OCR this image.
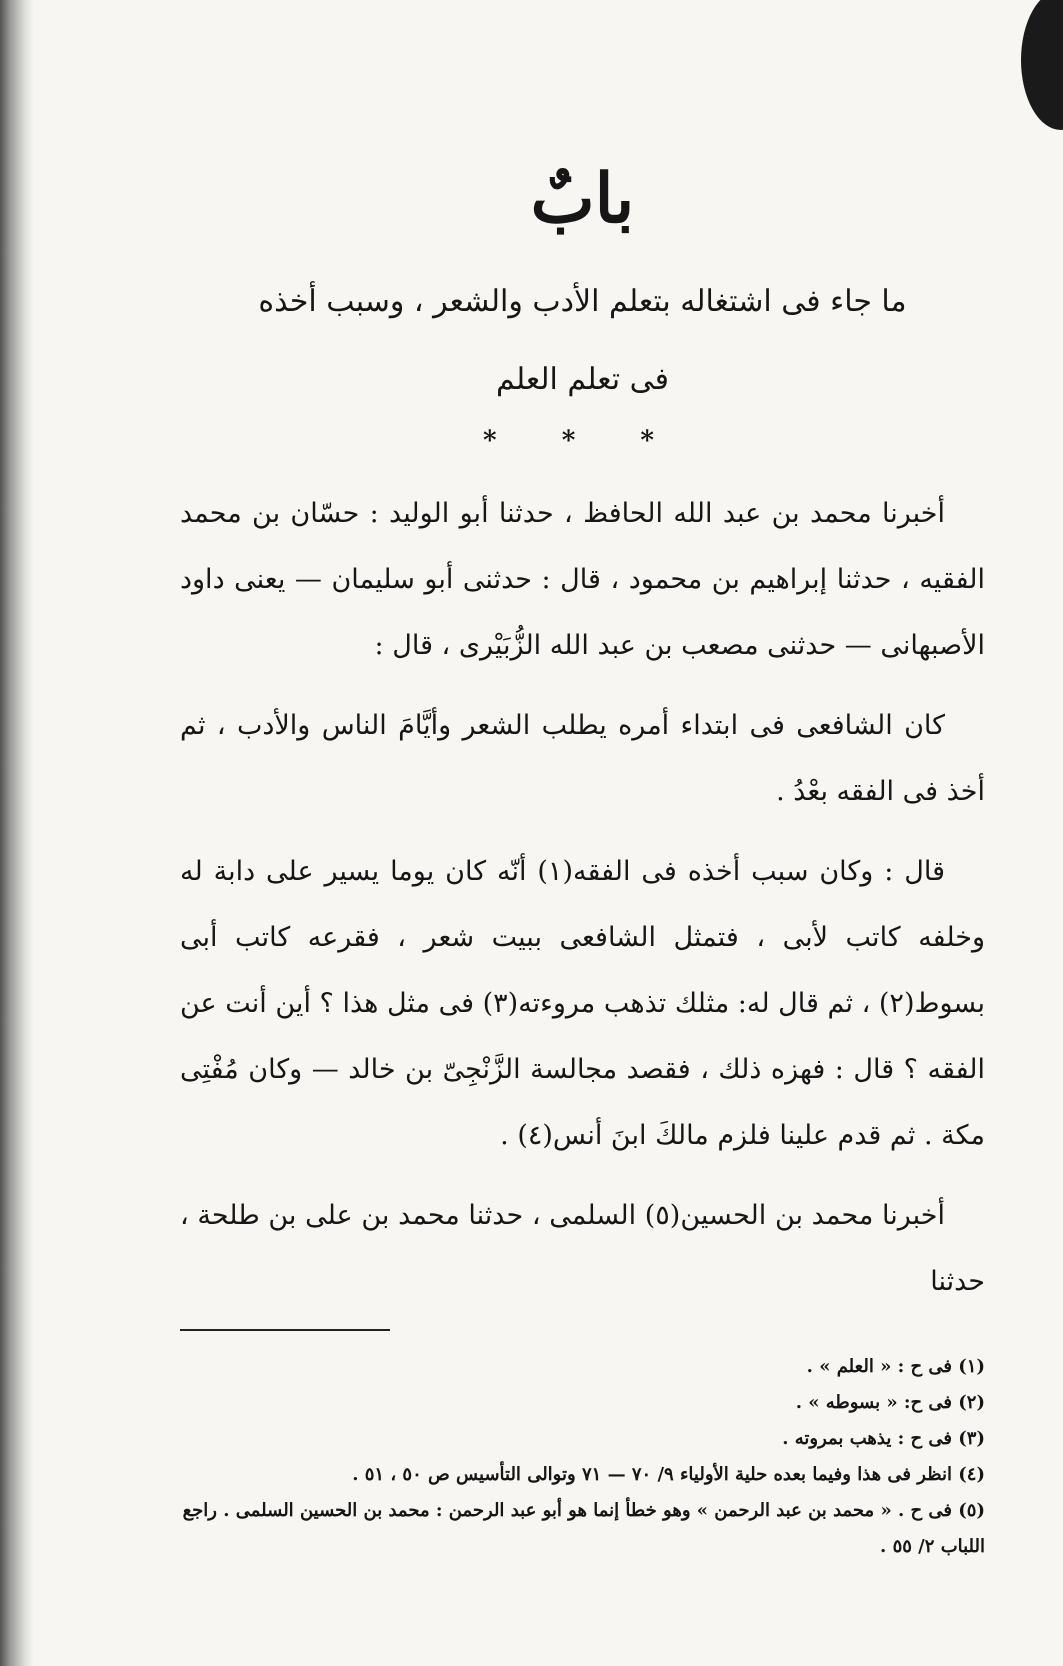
بابٌ

ما جاء فى اشتغاله بتعلم الأدب والشعر ، وسبب أخذه

فى تعلم العلم

* * *

أخبرنا محمد بن عبد الله الحافظ ، حدثنا أبو الوليد : حسّان بن محمد الفقيه ، حدثنا إبراهيم بن محمود ، قال : حدثنى أبو سليمان — يعنى داود الأصبهانى — حدثنى مصعب بن عبد الله الزُّبَيْرى ، قال :

كان الشافعى فى ابتداء أمره يطلب الشعر وأيَّامَ الناس والأدب ، ثم أخذ فى الفقه بعْدُ .

قال : وكان سبب أخذه فى الفقه(١) أنّه كان يوما يسير على دابة له وخلفه كاتب لأبى ، فتمثل الشافعى ببيت شعر ، فقرعه كاتب أبى بسوط(٢) ، ثم قال له: مثلك تذهب مروءته(٣) فى مثل هذا ؟ أين أنت عن الفقه ؟ قال : فهزه ذلك ، فقصد مجالسة الزَّنْجِىّ بن خالد — وكان مُفْتِى مكة . ثم قدم علينا فلزم مالكَ ابنَ أنس(٤) .

أخبرنا محمد بن الحسين(٥) السلمى ، حدثنا محمد بن على بن طلحة ، حدثنا

(١) فى ح : « العلم » .

(٢) فى ح: « بسوطه » .

(٣) فى ح : يذهب بمروته .

(٤) انظر فى هذا وفيما بعده حلية الأولياء ٩/ ٧٠ — ٧١ وتوالى التأسيس ص ٥٠ ، ٥١ .

(٥) فى ح . « محمد بن عبد الرحمن » وهو خطأ إنما هو أبو عبد الرحمن : محمد بن الحسين السلمى . راجع اللباب ٢/ ٥٥ .
